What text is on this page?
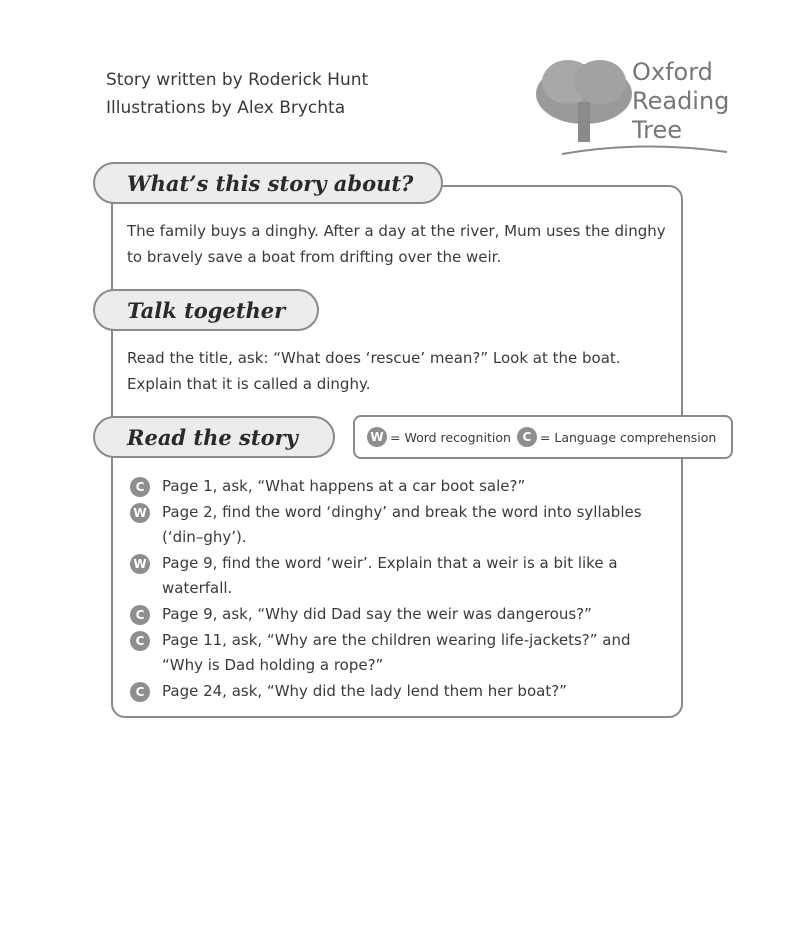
Story written by Roderick Hunt
Illustrations by Alex Brychta
Oxford
Reading
Tree
What’s this story about?
The family buys a dinghy. After a day at the river, Mum uses the dinghy to bravely save a boat from drifting over the weir.
Talk together
Read the title, ask: “What does ‘rescue’ mean?” Look at the boat. Explain that it is called a dinghy.
Read the story	W = Word recognition C = Language comprehension
C	Page 1, ask, “What happens at a car boot sale?”
W Page 2, find the word ‘dinghy’ and break the word into syllables (‘din–ghy’).
W Page 9, find the word ‘weir’. Explain that a weir is a bit like a waterfall.
C	Page 9, ask, “Why did Dad say the weir was dangerous?”
C	Page 11, ask, “Why are the children wearing life-jackets?” and “Why is Dad holding a rope?”
C	Page 24, ask, “Why did the lady lend them her boat?”
